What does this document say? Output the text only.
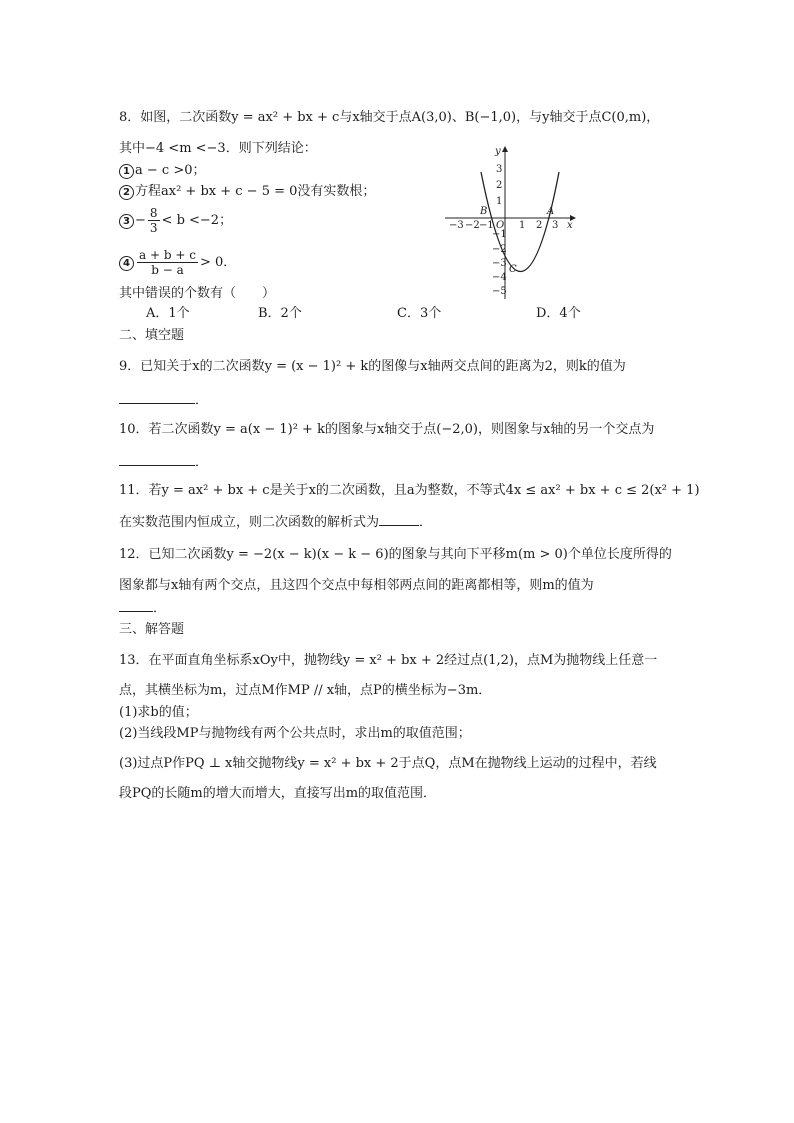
8．如图，二次函数y = ax² + bx + c与x轴交于点A(3,0)、B(−1,0)，与y轴交于点C(0,m)，
其中−4 <m <−3．则下列结论：
1 a − c >0；
2 方程ax² + bx + c − 5 = 0没有实数根；
$3 - \frac{8}{3} < b <-2$；
$4 \frac{a + b + c}{b - a} > 0$．
其中错误的个数有（　　）
A．1个	B．2个	C．3个	D．4个
y
x
O
A
B
C
−3 −2 −1	1 2 3
3
2
1
−1
−2
−3
−4
−5
二、填空题
9．已知关于x的二次函数y = (x − 1)² + k的图像与x轴两交点间的距离为2，则k的值为
．
10．若二次函数y = a(x − 1)² + k的图象与x轴交于点(−2,0)，则图象与x轴的另一个交点为
．
11．若y = ax² + bx + c是关于x的二次函数，且a为整数，不等式4x ≤ ax² + bx + c ≤ 2(x² + 1)
在实数范围内恒成立，则二次函数的解析式为	．
12．已知二次函数y = −2(x − k)(x − k − 6)的图象与其向下平移m(m > 0)个单位长度所得的
图象都与x轴有两个交点，且这四个交点中每相邻两点间的距离都相等，则m的值为
．
三、解答题
13．在平面直角坐标系xOy中，抛物线y = x² + bx + 2经过点(1,2)，点M为抛物线上任意一
点，其横坐标为m，过点M作MP // x轴，点P的横坐标为−3m．
(1)求b的值；
(2)当线段MP与抛物线有两个公共点时，求出m的取值范围；
(3)过点P作PQ ⊥ x轴交抛物线y = x² + bx + 2于点Q，点M在抛物线上运动的过程中，若线
段PQ的长随m的增大而增大，直接写出m的取值范围．
